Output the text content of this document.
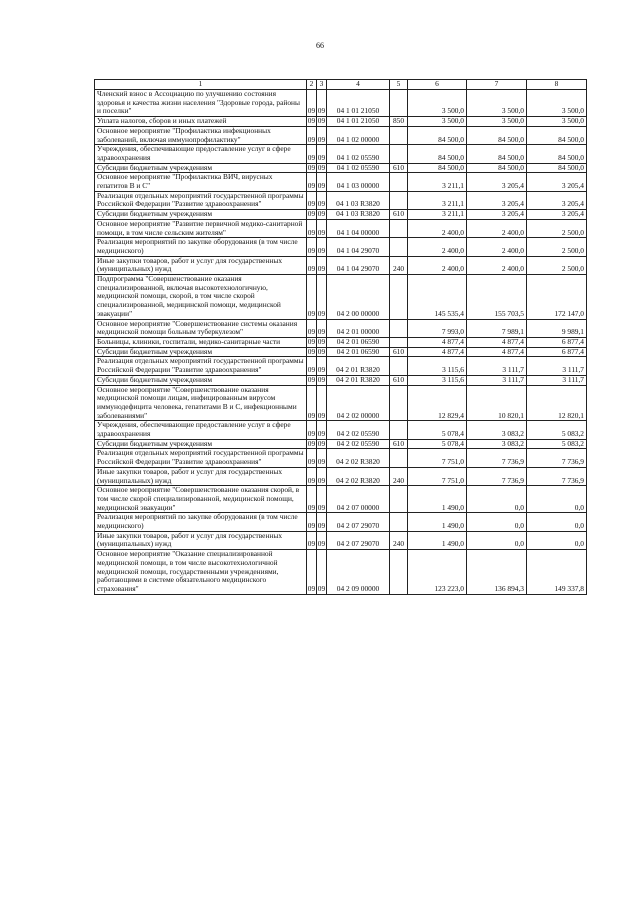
66
1	2	3	4	5	6	7	8
Членский взнос в Ассоциацию по улучшению состояния здоровья и качества жизни населения "Здоровые города, районы и поселки"	09	09	04 1 01 21050		3 500,0	3 500,0	3 500,0
Уплата налогов, сборов и иных платежей	09	09	04 1 01 21050	850	3 500,0	3 500,0	3 500,0
Основное мероприятие "Профилактика инфекционных заболеваний, включая иммунопрофилактику"	09	09	04 1 02 00000		84 500,0	84 500,0	84 500,0
Учреждения, обеспечивающие предоставление услуг в сфере здравоохранения	09	09	04 1 02 05590		84 500,0	84 500,0	84 500,0
Субсидии бюджетным учреждениям	09	09	04 1 02 05590	610	84 500,0	84 500,0	84 500,0
Основное мероприятие "Профилактика ВИЧ, вирусных гепатитов В и С"	09	09	04 1 03 00000		3 211,1	3 205,4	3 205,4
Реализация отдельных мероприятий государственной программы Российской Федерации "Развитие здравоохранения"	09	09	04 1 03 R3820		3 211,1	3 205,4	3 205,4
Субсидии бюджетным учреждениям	09	09	04 1 03 R3820	610	3 211,1	3 205,4	3 205,4
Основное мероприятие "Развитие первичной медико-санитарной помощи, в том числе сельским жителям"	09	09	04 1 04 00000		2 400,0	2 400,0	2 500,0
Реализация мероприятий по закупке оборудования (в том числе медицинского)	09	09	04 1 04 29070		2 400,0	2 400,0	2 500,0
Иные закупки товаров, работ и услуг для государственных (муниципальных) нужд	09	09	04 1 04 29070	240	2 400,0	2 400,0	2 500,0
Подпрограмма "Совершенствование оказания специализированной, включая высокотехнологичную, медицинской помощи, скорой, в том числе скорой специализированной, медицинской помощи, медицинской эвакуации"	09	09	04 2 00 00000		145 535,4	155 703,5	172 147,0
Основное мероприятие "Совершенствование системы оказания медицинской помощи больным туберкулезом"	09	09	04 2 01 00000		7 993,0	7 989,1	9 989,1
Больницы, клиники, госпитали, медико-санитарные части	09	09	04 2 01 06590		4 877,4	4 877,4	6 877,4
Субсидии бюджетным учреждениям	09	09	04 2 01 06590	610	4 877,4	4 877,4	6 877,4
Реализация отдельных мероприятий государственной программы Российской Федерации "Развитие здравоохранения"	09	09	04 2 01 R3820		3 115,6	3 111,7	3 111,7
Субсидии бюджетным учреждениям	09	09	04 2 01 R3820	610	3 115,6	3 111,7	3 111,7
Основное мероприятие "Совершенствование оказания медицинской помощи лицам, инфицированным вирусом иммунодефицита человека, гепатитами В и С, инфекционными заболеваниями"	09	09	04 2 02 00000		12 829,4	10 820,1	12 820,1
Учреждения, обеспечивающие предоставление услуг в сфере здравоохранения	09	09	04 2 02 05590		5 078,4	3 083,2	5 083,2
Субсидии бюджетным учреждениям	09	09	04 2 02 05590	610	5 078,4	3 083,2	5 083,2
Реализация отдельных мероприятий государственной программы Российской Федерации "Развитие здравоохранения"	09	09	04 2 02 R3820		7 751,0	7 736,9	7 736,9
Иные закупки товаров, работ и услуг для государственных (муниципальных) нужд	09	09	04 2 02 R3820	240	7 751,0	7 736,9	7 736,9
Основное мероприятие "Совершенствование оказания скорой, в том числе скорой специализированной, медицинской помощи, медицинской эвакуации"	09	09	04 2 07 00000		1 490,0	0,0	0,0
Реализация мероприятий по закупке оборудования (в том числе медицинского)	09	09	04 2 07 29070		1 490,0	0,0	0,0
Иные закупки товаров, работ и услуг для государственных (муниципальных) нужд	09	09	04 2 07 29070	240	1 490,0	0,0	0,0
Основное мероприятие "Оказание специализированной медицинской помощи, в том числе высокотехнологичной медицинской помощи, государственными учреждениями, работающими в системе обязательного медицинского страхования"	09	09	04 2 09 00000		123 223,0	136 894,3	149 337,8
